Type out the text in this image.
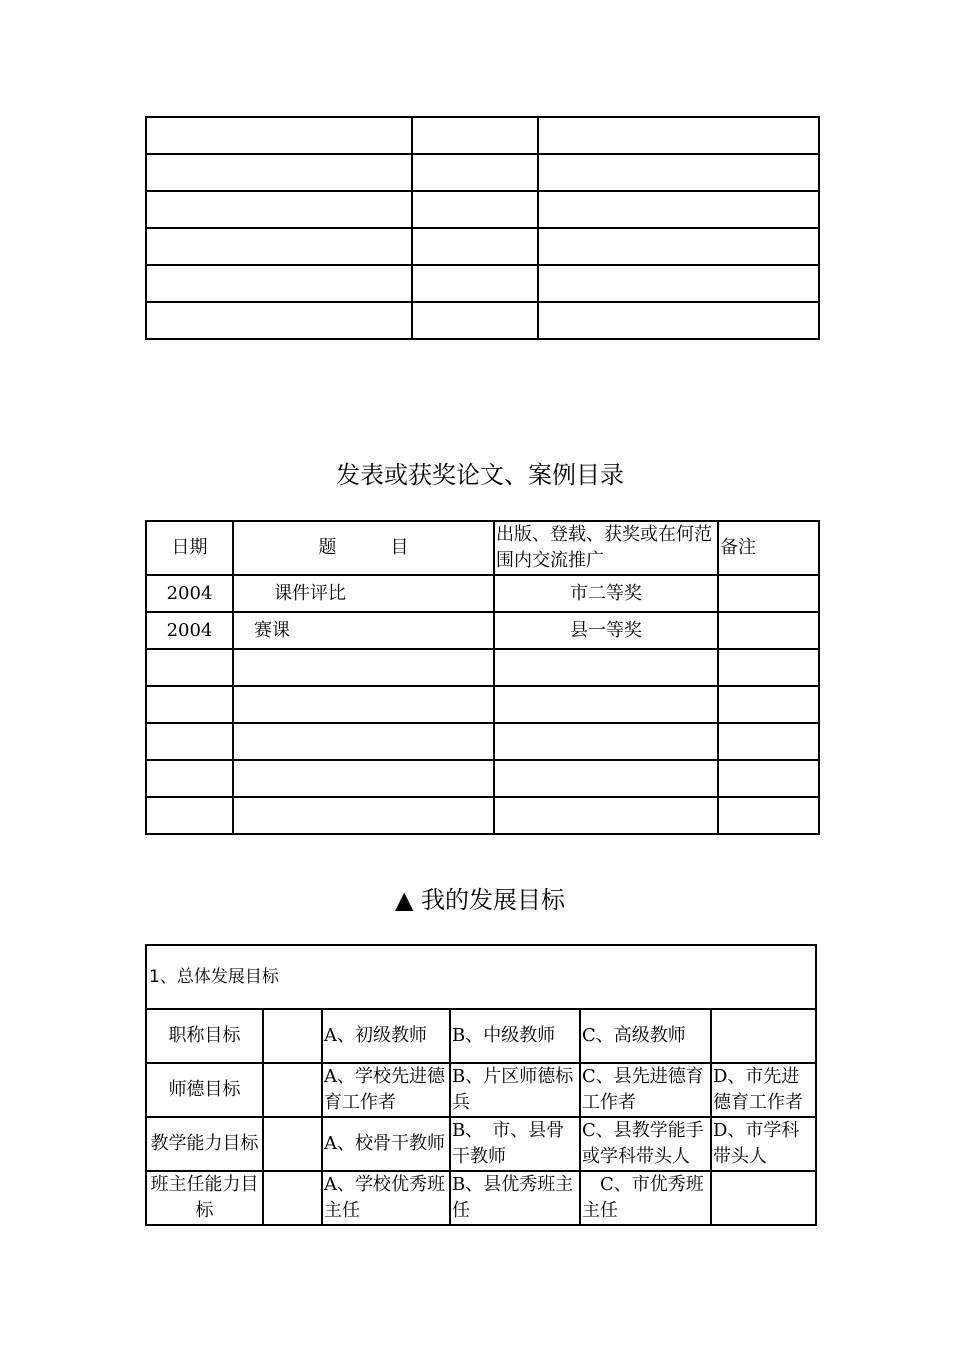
发表或获奖论文、案例目录
日期	题　　　目	出版、登载、获奖或在何范围内交流推广	备注
2004	课件评比	市二等奖	
2004	赛课	县一等奖	

▲ 我的发展目标
1、总体发展目标					
职称目标		A、初级教师	B、中级教师	C、高级教师	
师德目标		A、学校先进德育工作者	B、片区师德标兵	C、县先进德育工作者	D、市先进德育工作者
教学能力目标		A、校骨干教师	B、　市、县骨干教师	C、县教学能手或学科带头人	D、市学科带头人
班主任能力目标		A、学校优秀班主任	B、县优秀班主任	　C、市优秀班主任	
